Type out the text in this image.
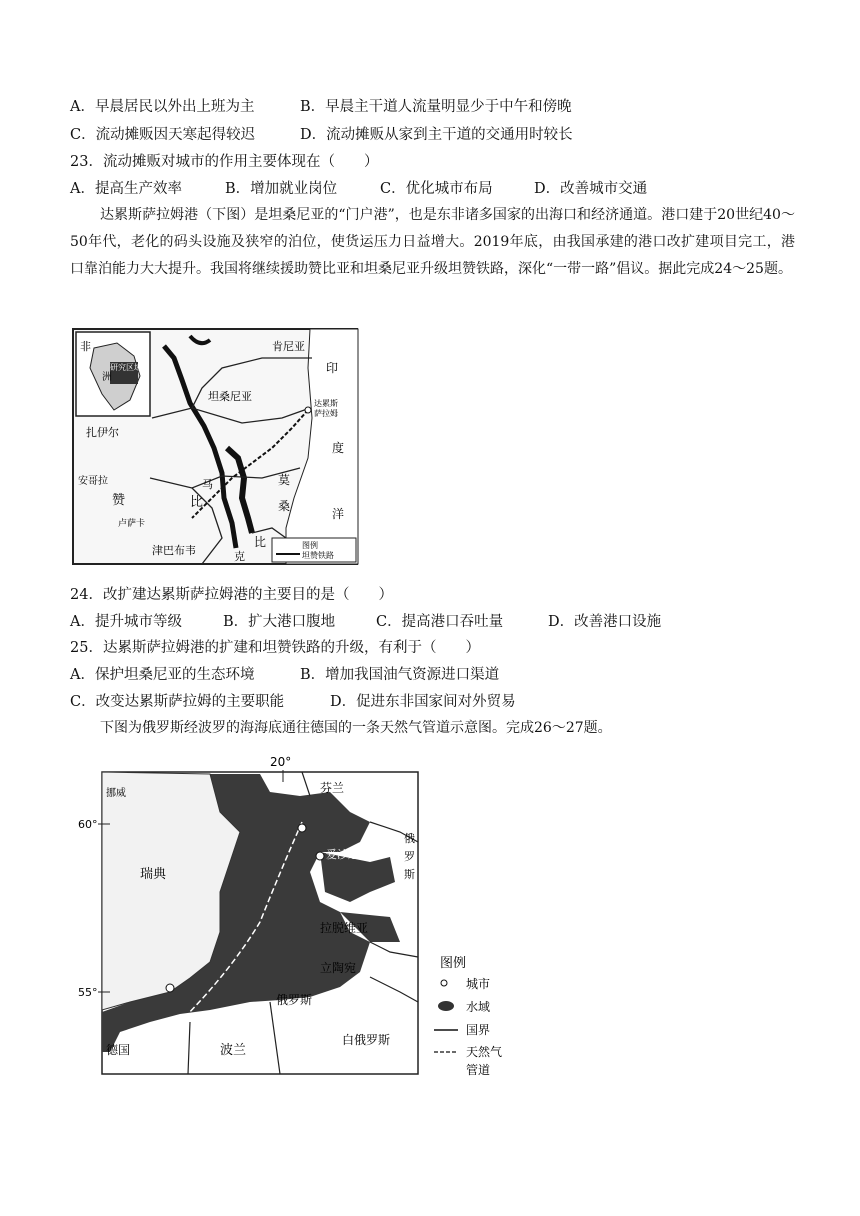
A．早晨居民以外出上班为主	B．早晨主干道人流量明显少于中午和傍晚
C．流动摊贩因天寒起得较迟	D．流动摊贩从家到主干道的交通用时较长
23．流动摊贩对城市的作用主要体现在（　　）
A．提高生产效率	B．增加就业岗位	C．优化城市布局	D．改善城市交通
达累斯萨拉姆港（下图）是坦桑尼亚的“门户港”，也是东非诸多国家的出海口和经济通道。港口建于20世纪40～50年代，老化的码头设施及狭窄的泊位，使货运压力日益增大。2019年底，由我国承建的港口改扩建项目完工，港口靠泊能力大大提升。我国将继续援助赞比亚和坦桑尼亚升级坦赞铁路，深化“一带一路”倡议。据此完成24～25题。
非
洲
研究区域
坦桑尼亚
肯尼亚
印
度
洋
达累斯
萨拉姆
扎伊尔
安哥拉
赞	比
卢萨卡
马	莫
桑
比
克
津巴布韦	图例
坦赞铁路
24．改扩建达累斯萨拉姆港的主要目的是（　　）
A．提升城市等级	B．扩大港口腹地	C．提高港口吞吐量	D．改善港口设施
25．达累斯萨拉姆港的扩建和坦赞铁路的升级，有利于（　　）
A．保护坦桑尼亚的生态环境	B．增加我国油气资源进口渠道
C．改变达累斯萨拉姆的主要职能	D．促进东非国家间对外贸易
下图为俄罗斯经波罗的海海底通往德国的一条天然气管道示意图。完成26～27题。
20°
60°
55°
芬兰
俄
罗
斯
爱沙尼亚
瑞典
拉脱维亚
立陶宛
俄罗斯
白俄罗斯
德国	波兰
挪威
图例
城市
水域
国界
天然气
管道
